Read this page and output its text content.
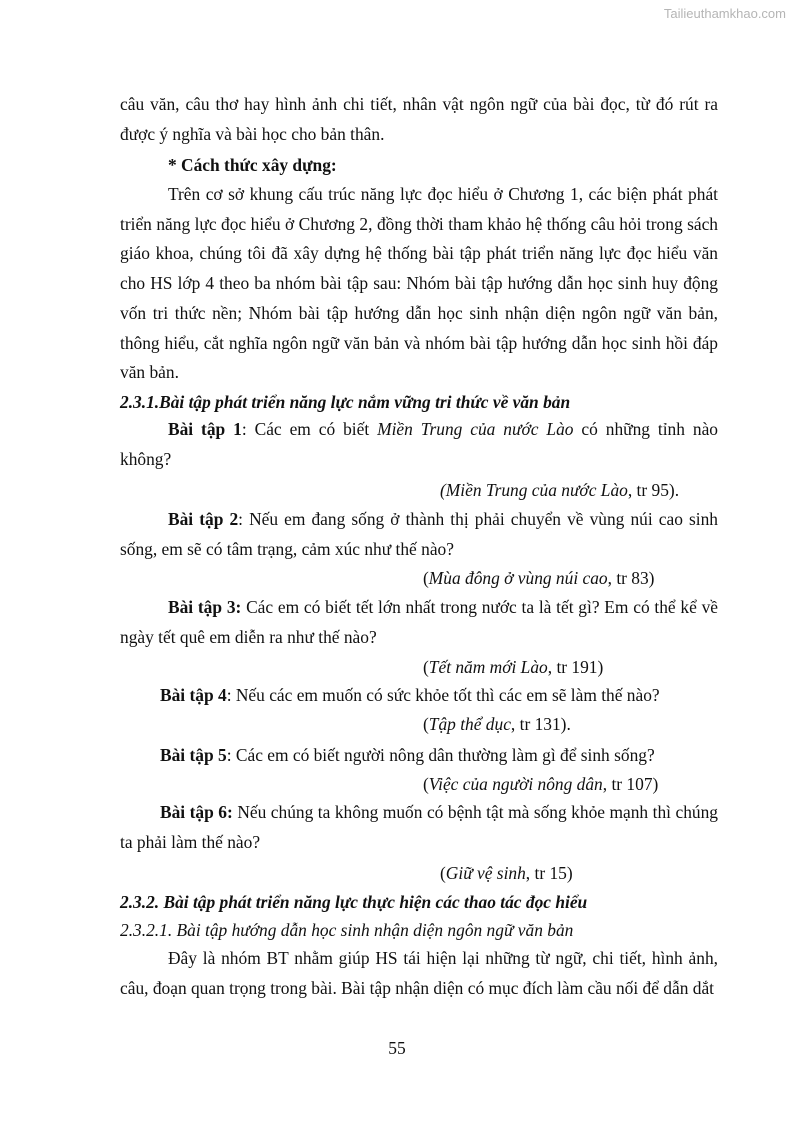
Tailieuthamkhao.com
câu văn, câu thơ hay hình ảnh chi tiết, nhân vật ngôn ngữ của bài đọc, từ đó rút ra được ý nghĩa và bài học cho bản thân.
* Cách thức xây dựng:
Trên cơ sở khung cấu trúc năng lực đọc hiểu ở Chương 1, các biện phát phát triển năng lực đọc hiểu ở Chương 2, đồng thời tham khảo hệ thống câu hỏi trong sách giáo khoa, chúng tôi đã xây dựng hệ thống bài tập phát triển năng lực đọc hiểu văn cho HS lớp 4 theo ba nhóm bài tập sau: Nhóm bài tập hướng dẫn học sinh huy động vốn tri thức nền; Nhóm bài tập hướng dẫn học sinh nhận diện ngôn ngữ văn bản, thông hiểu, cắt nghĩa ngôn ngữ văn bản và nhóm bài tập hướng dẫn học sinh hồi đáp văn bản.
2.3.1.Bài tập phát triển năng lực nắm vững tri thức về văn bản
Bài tập 1: Các em có biết Miền Trung của nước Lào có những tỉnh nào không?
(Miền Trung của nước Lào, tr 95).
Bài tập 2: Nếu em đang sống ở thành thị phải chuyển về vùng núi cao sinh sống, em sẽ có tâm trạng, cảm xúc như thế nào?
(Mùa đông ở vùng núi cao, tr 83)
Bài tập 3: Các em có biết tết lớn nhất trong nước ta là tết gì? Em có thể kể về ngày tết quê em diễn ra như thế nào?
(Tết năm mới Lào, tr 191)
Bài tập 4: Nếu các em muốn có sức khỏe tốt thì các em sẽ làm thế nào?
(Tập thể dục, tr 131).
Bài tập 5: Các em có biết người nông dân thường làm gì để sinh sống?
(Việc của người nông dân, tr 107)
Bài tập 6: Nếu chúng ta không muốn có bệnh tật mà sống khỏe mạnh thì chúng ta phải làm thế nào?
(Giữ vệ sinh, tr 15)
2.3.2. Bài tập phát triển năng lực thực hiện các thao tác đọc hiểu
2.3.2.1. Bài tập hướng dẫn học sinh nhận diện ngôn ngữ văn bản
Đây là nhóm BT nhằm giúp HS tái hiện lại những từ ngữ, chi tiết, hình ảnh, câu, đoạn quan trọng trong bài. Bài tập nhận diện có mục đích làm cầu nối để dẫn dắt
55
